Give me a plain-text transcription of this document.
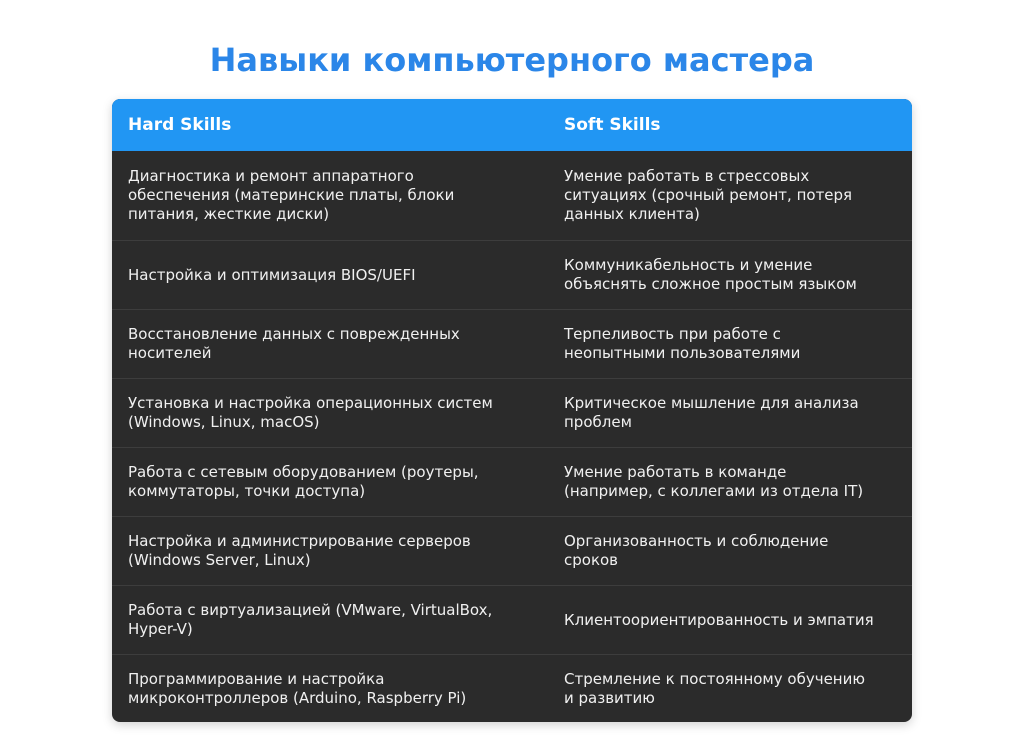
Навыки компьютерного мастера
Hard Skills	Soft Skills
Диагностика и ремонт аппаратного
обеспечения (материнские платы, блоки
питания, жесткие диски)
Умение работать в стрессовых
ситуациях (срочный ремонт, потеря
данных клиента)
Настройка и оптимизация BIOS/UEFI
Коммуникабельность и умение
объяснять сложное простым языком
Восстановление данных с поврежденных
носителей
Терпеливость при работе с
неопытными пользователями
Установка и настройка операционных систем
(Windows, Linux, macOS)
Критическое мышление для анализа
проблем
Работа с сетевым оборудованием (роутеры,
коммутаторы, точки доступа)
Умение работать в команде
(например, с коллегами из отдела IT)
Настройка и администрирование серверов
(Windows Server, Linux)
Организованность и соблюдение
сроков
Работа с виртуализацией (VMware, VirtualBox,
Hyper-V)
Клиентоориентированность и эмпатия
Программирование и настройка
микроконтроллеров (Arduino, Raspberry Pi)
Стремление к постоянному обучению
и развитию
